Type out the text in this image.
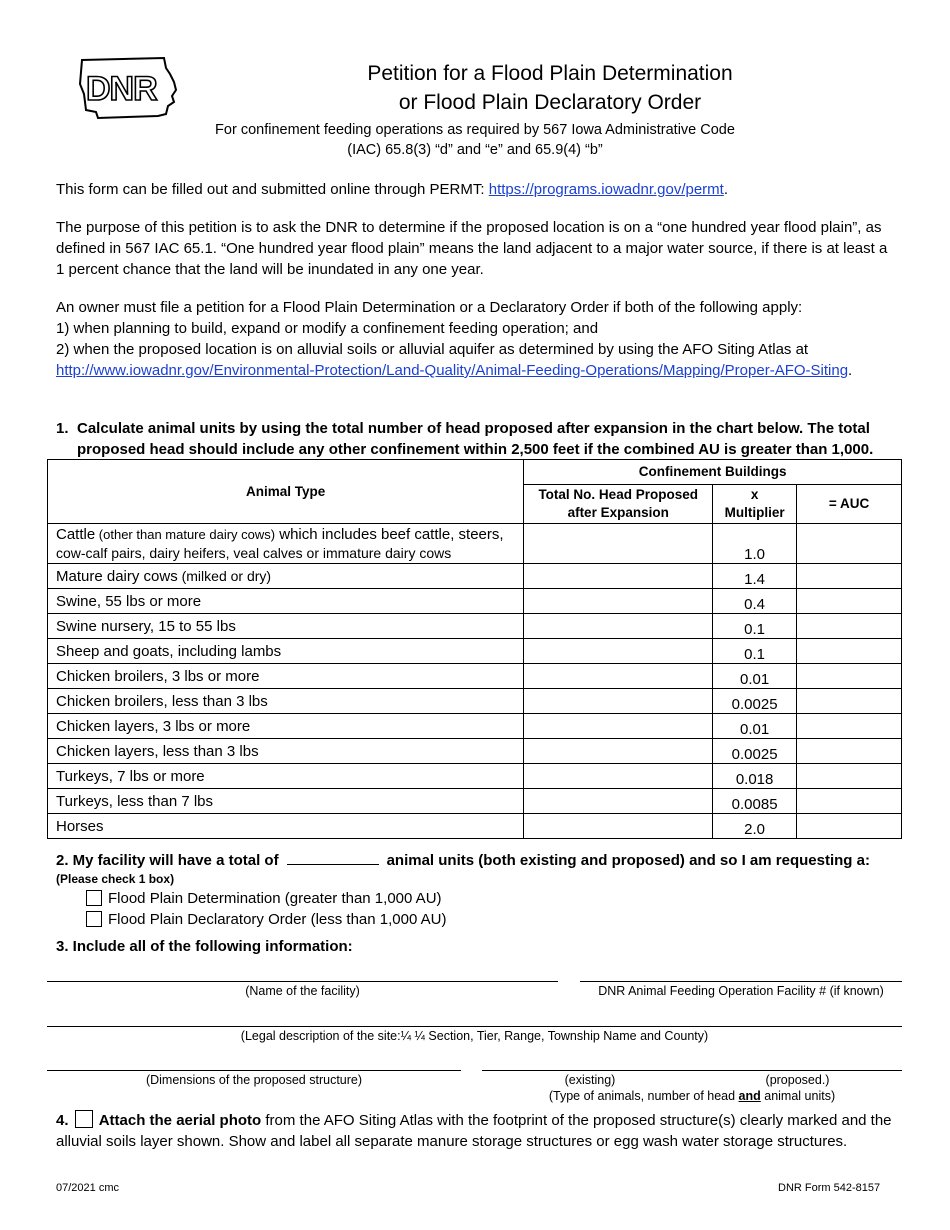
DNR	Petition for a Flood Plain Determination
or Flood Plain Declaratory Order
For confinement feeding operations as required by 567 Iowa Administrative Code
(IAC) 65.8(3) “d” and “e” and 65.9(4) “b”
This form can be filled out and submitted online through PERMT: https://programs.iowadnr.gov/permt.
The purpose of this petition is to ask the DNR to determine if the proposed location is on a “one hundred year flood plain”, as defined in 567 IAC 65.1. “One hundred year flood plain” means the land adjacent to a major water source, if there is at least a 1 percent chance that the land will be inundated in any one year.
An owner must file a petition for a Flood Plain Determination or a Declaratory Order if both of the following apply:
1) when planning to build, expand or modify a confinement feeding operation; and
2) when the proposed location is on alluvial soils or alluvial aquifer as determined by using the AFO Siting Atlas at
http://www.iowadnr.gov/Environmental-Protection/Land-Quality/Animal-Feeding-Operations/Mapping/Proper-AFO-Siting.
1. Calculate animal units by using the total number of head proposed after expansion in the chart below. The total
proposed head should include any other confinement within 2,500 feet if the combined AU is greater than 1,000.
Animal Type	Confinement Buildings		
	Total No. Head Proposed after Expansion	x Multiplier	= AUC
Cattle (other than mature dairy cows) which includes beef cattle, steers,
cow-calf pairs, dairy heifers, veal calves or immature dairy cows		1.0	
Mature dairy cows (milked or dry)		1.4	
Swine, 55 lbs or more		0.4	
Swine nursery, 15 to 55 lbs		0.1	
Sheep and goats, including lambs		0.1	
Chicken broilers, 3 lbs or more		0.01	
Chicken broilers, less than 3 lbs		0.0025	
Chicken layers, 3 lbs or more		0.01	
Chicken layers, less than 3 lbs		0.0025	
Turkeys, 7 lbs or more		0.018	
Turkeys, less than 7 lbs		0.0085	
Horses		2.0	
2. My facility will have a total of	animal units (both existing and proposed) and so I am requesting a:
(Please check 1 box)
Flood Plain Determination (greater than 1,000 AU)
Flood Plain Declaratory Order (less than 1,000 AU)
3. Include all of the following information:
(Name of the facility)	DNR Animal Feeding Operation Facility # (if known)
(Legal description of the site:¼ ¼ Section, Tier, Range, Township Name and County)
(Dimensions of the proposed structure)	(existing)	(proposed.)
(Type of animals, number of head and animal units)
4. Attach the aerial photo from the AFO Siting Atlas with the footprint of the proposed structure(s) clearly marked and the alluvial soils layer shown. Show and label all separate manure storage structures or egg wash water storage structures.
07/2021 cmc	DNR Form 542-8157
